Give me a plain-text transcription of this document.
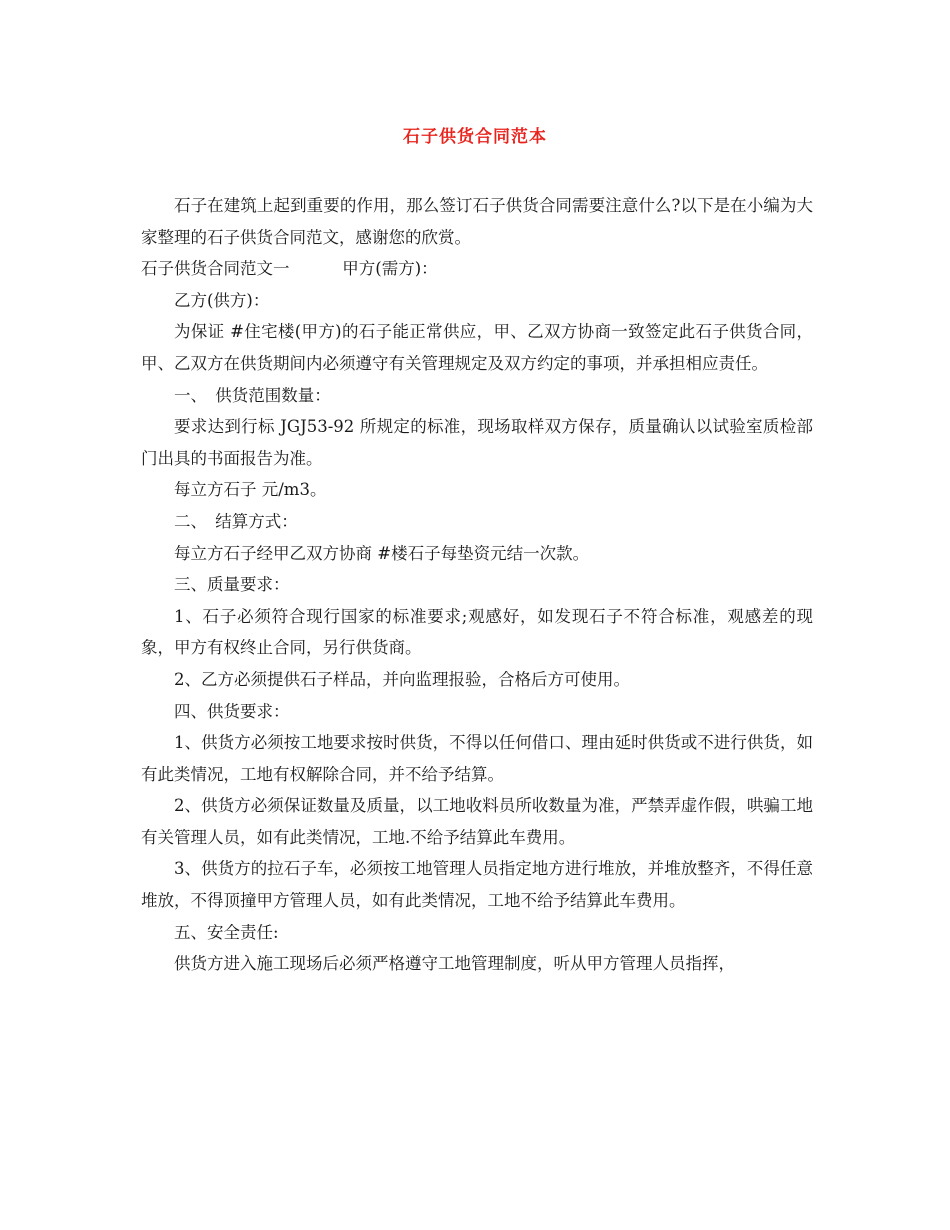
石子供货合同范本

石子在建筑上起到重要的作用，那么签订石子供货合同需要注意什么?以下是在小编为大家整理的石子供货合同范文，感谢您的欣赏。

石子供货合同范文一	甲方(需方)：

乙方(供方)：

为保证 #住宅楼(甲方)的石子能正常供应，甲、乙双方协商一致签定此石子供货合同，甲、乙双方在供货期间内必须遵守有关管理规定及双方约定的事项，并承担相应责任。

一、　供货范围数量：

要求达到行标 JGJ53-92 所规定的标准，现场取样双方保存，质量确认以试验室质检部门出具的书面报告为准。

每立方石子 元/m3。

二、　结算方式：

每立方石子经甲乙双方协商 #楼石子每垫资元结一次款。

三、质量要求：

1、石子必须符合现行国家的标准要求;观感好，如发现石子不符合标准，观感差的现象，甲方有权终止合同，另行供货商。

2、乙方必须提供石子样品，并向监理报验，合格后方可使用。

四、供货要求：

1、供货方必须按工地要求按时供货，不得以任何借口、理由延时供货或不进行供货，如有此类情况，工地有权解除合同，并不给予结算。

2、供货方必须保证数量及质量，以工地收料员所收数量为准，严禁弄虚作假，哄骗工地有关管理人员，如有此类情况，工地.不给予结算此车费用。

3、供货方的拉石子车，必须按工地管理人员指定地方进行堆放，并堆放整齐，不得任意堆放，不得顶撞甲方管理人员，如有此类情况，工地不给予结算此车费用。

五、安全责任:

供货方进入施工现场后必须严格遵守工地管理制度，听从甲方管理人员指挥，
